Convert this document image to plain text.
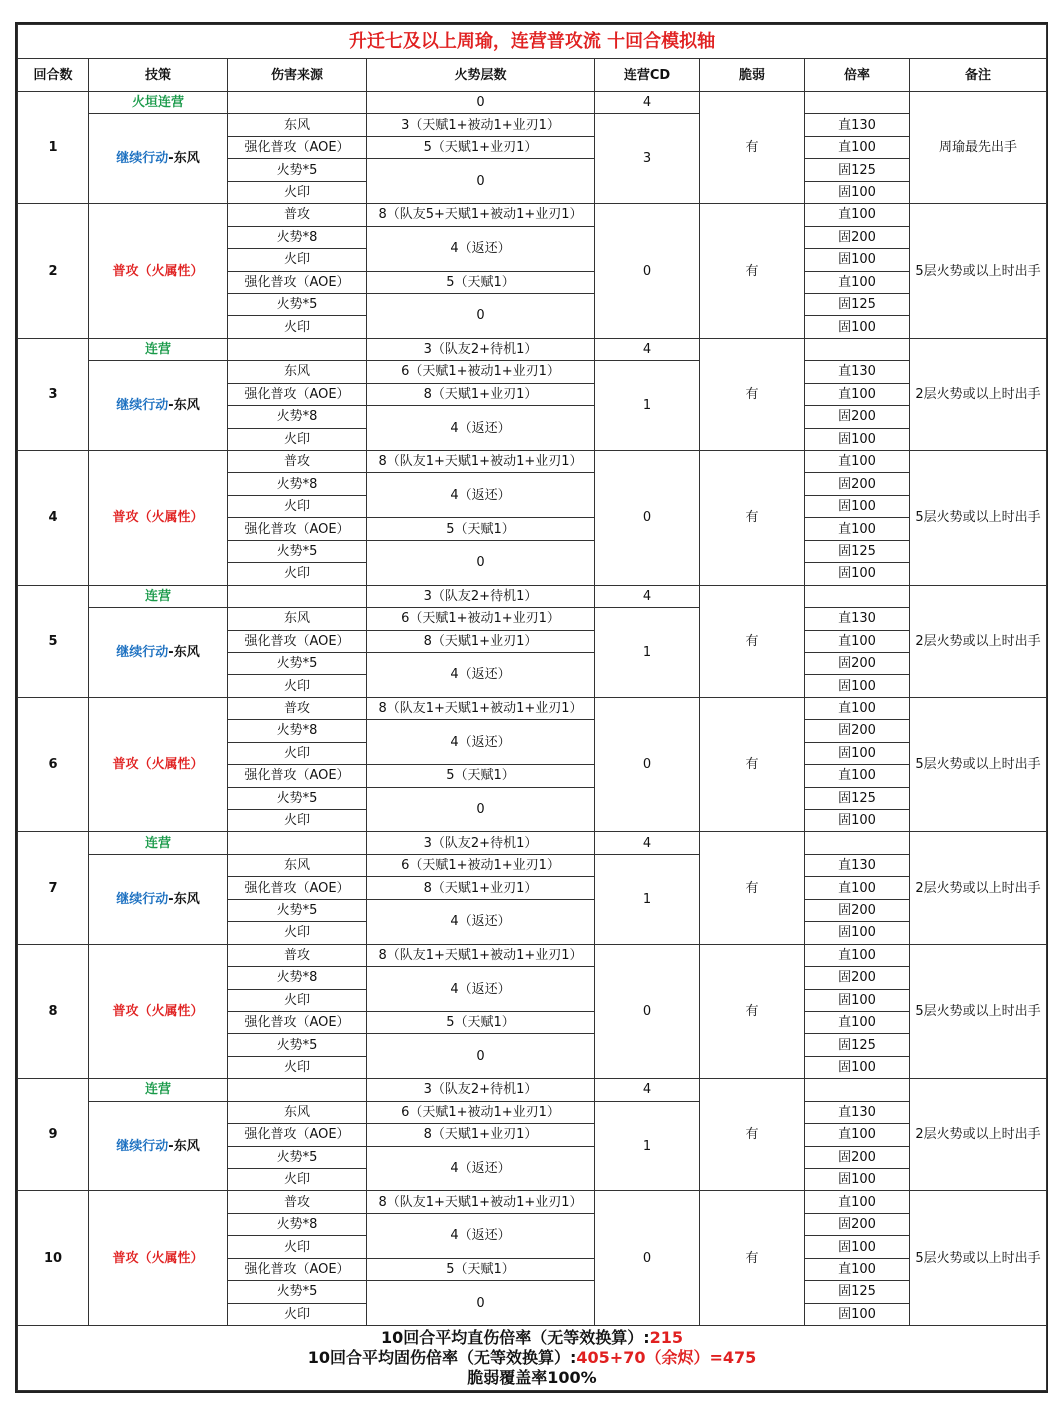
升迁七及以上周瑜，连营普攻流 十回合模拟轴							
回合数	技策	伤害来源	火势层数	连营CD	脆弱	倍率	备注
1	火垣连营		0	4	有		周瑜最先出手
	继续行动-东风	东风	3（天赋1+被动1+业刃1）	3		直130	
		强化普攻（AOE）	5（天赋1+业刃1）			直100	
		火势*5	0			固125	
		火印				固100	
2	普攻（火属性）	普攻	8（队友5+天赋1+被动1+业刃1）	0	有	直100	5层火势或以上时出手
		火势*8	4（返还）			固200	
		火印				固100	
		强化普攻（AOE）	5（天赋1）			直100	
		火势*5	0			固125	
		火印				固100	
3	连营		3（队友2+待机1）	4	有		2层火势或以上时出手
	继续行动-东风	东风	6（天赋1+被动1+业刃1）	1		直130	
		强化普攻（AOE）	8（天赋1+业刃1）			直100	
		火势*8	4（返还）			固200	
		火印				固100	
4	普攻（火属性）	普攻	8（队友1+天赋1+被动1+业刃1）	0	有	直100	5层火势或以上时出手
		火势*8	4（返还）			固200	
		火印				固100	
		强化普攻（AOE）	5（天赋1）			直100	
		火势*5	0			固125	
		火印				固100	
5	连营		3（队友2+待机1）	4	有		2层火势或以上时出手
	继续行动-东风	东风	6（天赋1+被动1+业刃1）	1		直130	
		强化普攻（AOE）	8（天赋1+业刃1）			直100	
		火势*5	4（返还）			固200	
		火印				固100	
6	普攻（火属性）	普攻	8（队友1+天赋1+被动1+业刃1）	0	有	直100	5层火势或以上时出手
		火势*8	4（返还）			固200	
		火印				固100	
		强化普攻（AOE）	5（天赋1）			直100	
		火势*5	0			固125	
		火印				固100	
7	连营		3（队友2+待机1）	4	有		2层火势或以上时出手
	继续行动-东风	东风	6（天赋1+被动1+业刃1）	1		直130	
		强化普攻（AOE）	8（天赋1+业刃1）			直100	
		火势*5	4（返还）			固200	
		火印				固100	
8	普攻（火属性）	普攻	8（队友1+天赋1+被动1+业刃1）	0	有	直100	5层火势或以上时出手
		火势*8	4（返还）			固200	
		火印				固100	
		强化普攻（AOE）	5（天赋1）			直100	
		火势*5	0			固125	
		火印				固100	
9	连营		3（队友2+待机1）	4	有		2层火势或以上时出手
	继续行动-东风	东风	6（天赋1+被动1+业刃1）	1		直130	
		强化普攻（AOE）	8（天赋1+业刃1）			直100	
		火势*5	4（返还）			固200	
		火印				固100	
10	普攻（火属性）	普攻	8（队友1+天赋1+被动1+业刃1）	0	有	直100	5层火势或以上时出手
		火势*8	4（返还）			固200	
		火印				固100	
		强化普攻（AOE）	5（天赋1）			直100	
		火势*5	0			固125	
		火印				固100	

10回合平均直伤倍率（无等效换算）:215
10回合平均固伤倍率（无等效换算）:405+70（余烬）=475
脆弱覆盖率100%							
